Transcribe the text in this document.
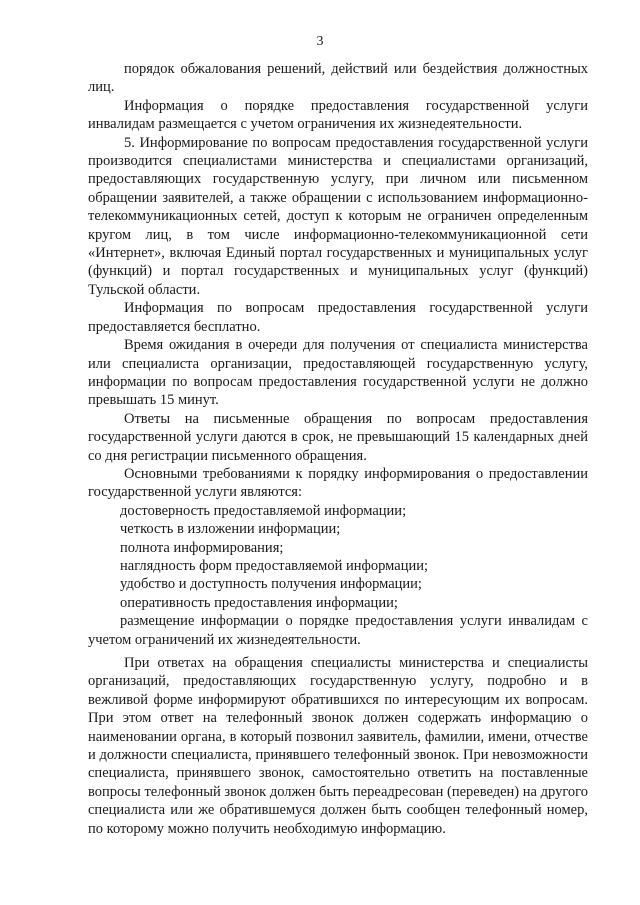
3

порядок обжалования решений, действий или бездействия должностных лиц.

Информация о порядке предоставления государственной услуги инвалидам размещается с учетом ограничения их жизнедеятельности.

5. Информирование по вопросам предоставления государственной услуги производится специалистами министерства и специалистами организаций, предоставляющих государственную услугу, при личном или письменном обращении заявителей, а также обращении с использованием информационно-телекоммуникационных сетей, доступ к которым не ограничен определенным кругом лиц, в том числе информационно-телекоммуникационной сети «Интернет», включая Единый портал государственных и муниципальных услуг (функций) и портал государственных и муниципальных услуг (функций) Тульской области.

Информация по вопросам предоставления государственной услуги предоставляется бесплатно.

Время ожидания в очереди для получения от специалиста министерства или специалиста организации, предоставляющей государственную услугу, информации по вопросам предоставления государственной услуги не должно превышать 15 минут.

Ответы на письменные обращения по вопросам предоставления государственной услуги даются в срок, не превышающий 15 календарных дней со дня регистрации письменного обращения.

Основными требованиями к порядку информирования о предоставлении государственной услуги являются:

достоверность предоставляемой информации;

четкость в изложении информации;

полнота информирования;

наглядность форм предоставляемой информации;

удобство и доступность получения информации;

оперативность предоставления информации;

размещение информации о порядке предоставления услуги инвалидам с учетом ограничений их жизнедеятельности.

При ответах на обращения специалисты министерства и специалисты организаций, предоставляющих государственную услугу, подробно и в вежливой форме информируют обратившихся по интересующим их вопросам. При этом ответ на телефонный звонок должен содержать информацию о наименовании органа, в который позвонил заявитель, фамилии, имени, отчестве и должности специалиста, принявшего телефонный звонок. При невозможности специалиста, принявшего звонок, самостоятельно ответить на поставленные вопросы телефонный звонок должен быть переадресован (переведен) на другого специалиста или же обратившемуся должен быть сообщен телефонный номер, по которому можно получить необходимую информацию.
